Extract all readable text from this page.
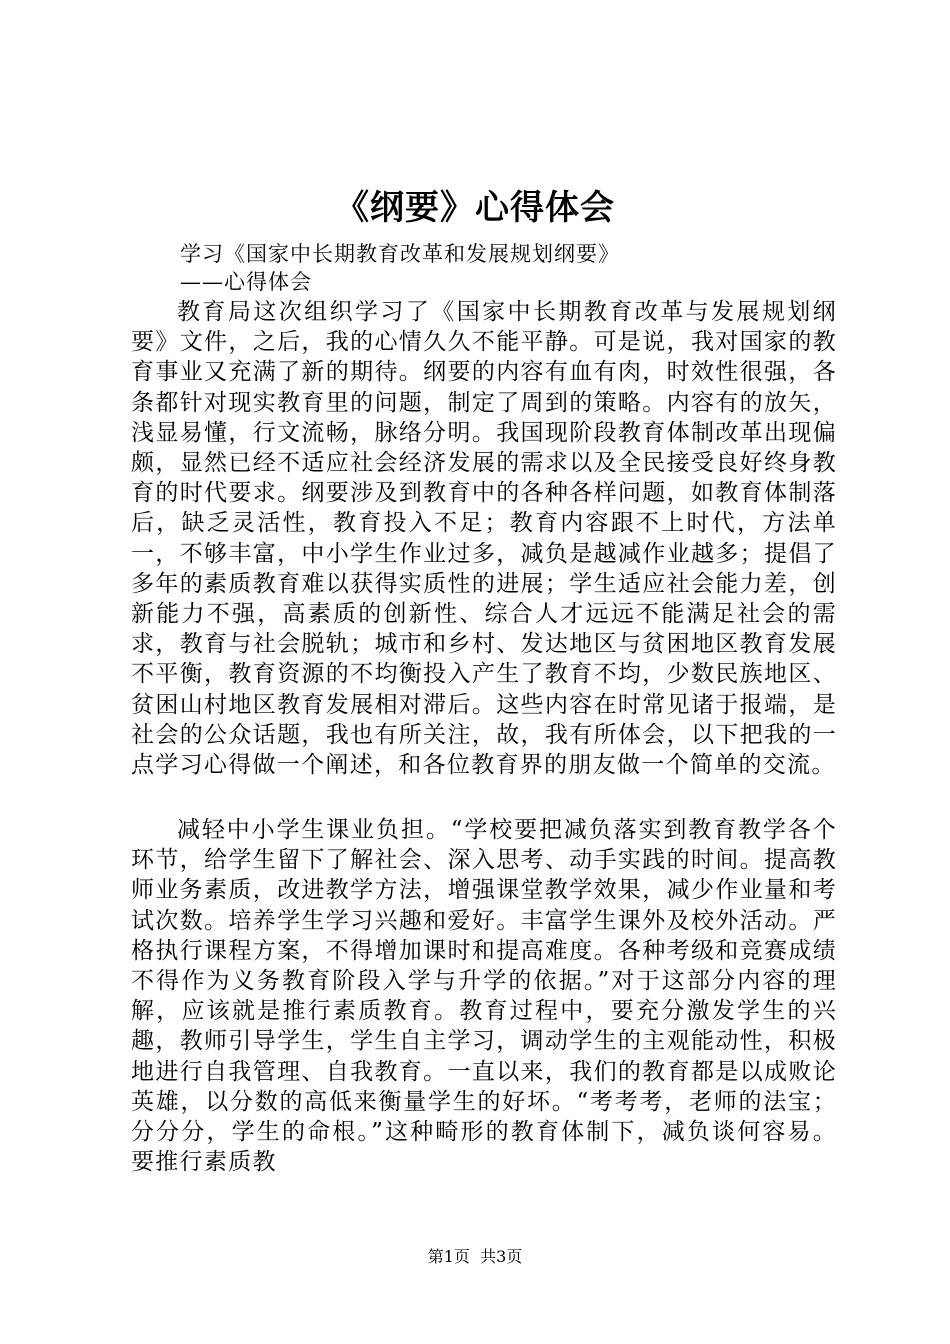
《纲要》心得体会
学习《国家中长期教育改革和发展规划纲要》
——心得体会

教育局这次组织学习了《国家中长期教育改革与发展规划纲要》文件，之后，我的心情久久不能平静。可是说，我对国家的教育事业又充满了新的期待。纲要的内容有血有肉，时效性很强，各条都针对现实教育里的问题，制定了周到的策略。内容有的放矢，浅显易懂，行文流畅，脉络分明。我国现阶段教育体制改革出现偏颇，显然已经不适应社会经济发展的需求以及全民接受良好终身教育的时代要求。纲要涉及到教育中的各种各样问题，如教育体制落后，缺乏灵活性，教育投入不足；教育内容跟不上时代，方法单一，不够丰富，中小学生作业过多，减负是越减作业越多；提倡了多年的素质教育难以获得实质性的进展；学生适应社会能力差，创新能力不强，高素质的创新性、综合人才远远不能满足社会的需求，教育与社会脱轨；城市和乡村、发达地区与贫困地区教育发展不平衡，教育资源的不均衡投入产生了教育不均，少数民族地区、贫困山村地区教育发展相对滞后。这些内容在时常见诸于报端，是社会的公众话题，我也有所关注，故，我有所体会，以下把我的一点学习心得做一个阐述，和各位教育界的朋友做一个简单的交流。

减轻中小学生课业负担。“学校要把减负落实到教育教学各个环节，给学生留下了解社会、深入思考、动手实践的时间。提高教师业务素质，改进教学方法，增强课堂教学效果，减少作业量和考试次数。培养学生学习兴趣和爱好。丰富学生课外及校外活动。严格执行课程方案，不得增加课时和提高难度。各种考级和竞赛成绩不得作为义务教育阶段入学与升学的依据。”对于这部分内容的理解，应该就是推行素质教育。教育过程中，要充分激发学生的兴趣，教师引导学生，学生自主学习，调动学生的主观能动性，积极地进行自我管理、自我教育。一直以来，我们的教育都是以成败论英雄，以分数的高低来衡量学生的好坏。“考考考，老师的法宝；分分分，学生的命根。”这种畸形的教育体制下，减负谈何容易。要推行素质教

第1页  共3页
